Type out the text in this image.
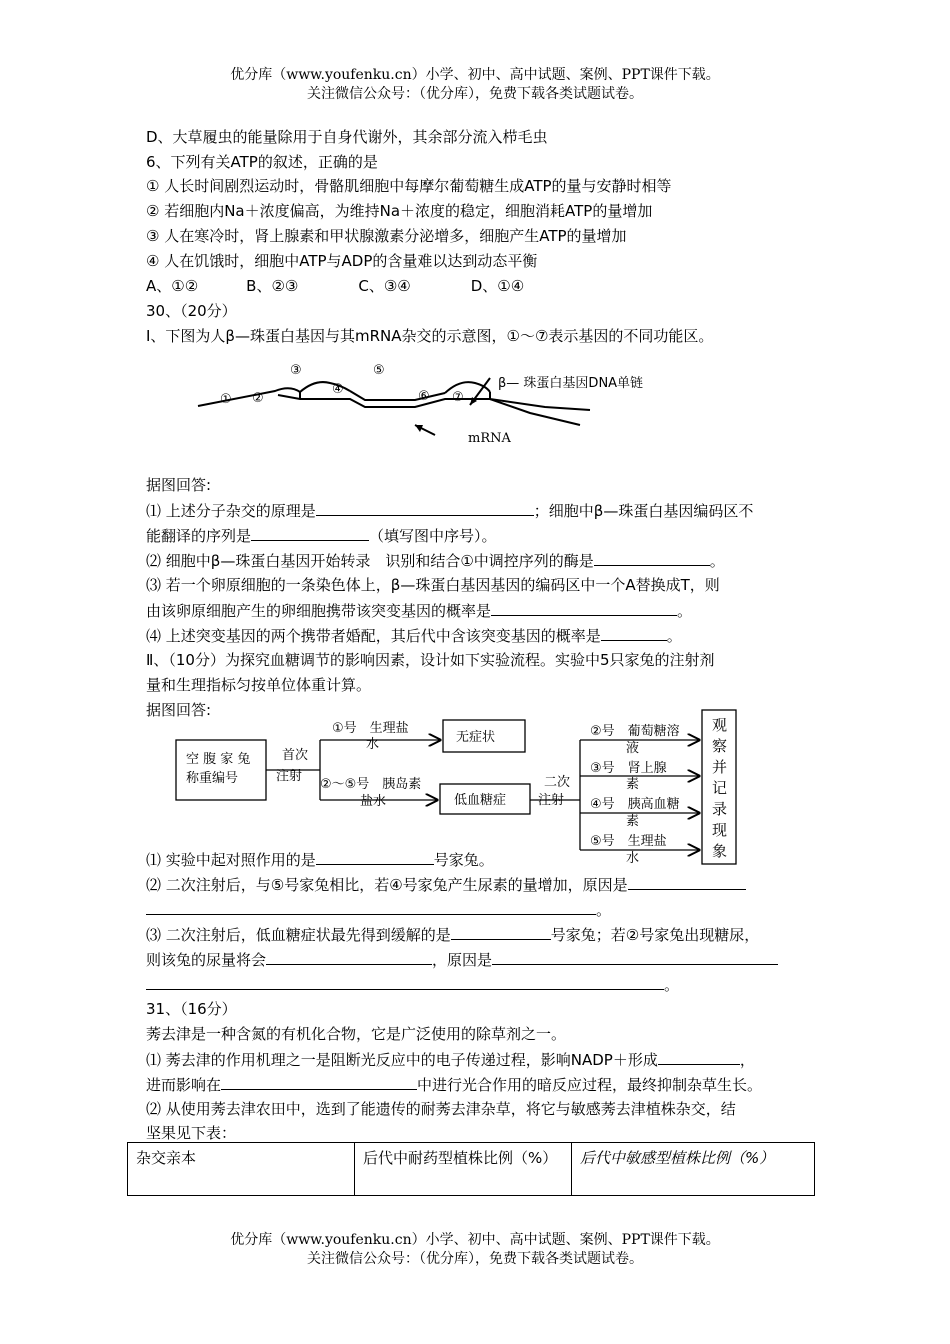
优分库（www.youfenku.cn）小学、初中、高中试题、案例、PPT课件下载。
关注微信公众号：（优分库），免费下载各类试题试卷。
D、大草履虫的能量除用于自身代谢外，其余部分流入栉毛虫
6、下列有关ATP的叙述，正确的是
① 人长时间剧烈运动时，骨骼肌细胞中每摩尔葡萄糖生成ATP的量与安静时相等
② 若细胞内Na＋浓度偏高，为维持Na＋浓度的稳定，细胞消耗ATP的量增加
③ 人在寒冷时，肾上腺素和甲状腺激素分泌增多，细胞产生ATP的量增加
④ 人在饥饿时，细胞中ATP与ADP的含量难以达到动态平衡
A、①②	B、②③	C、③④	D、①④
30、（20分）
Ⅰ、下图为人β—珠蛋白基因与其mRNA杂交的示意图，①～⑦表示基因的不同功能区。
① ②
③
④
⑤
⑥ ⑦
β— 珠蛋白基因DNA单链
mRNA
据图回答:
⑴ 上述分子杂交的原理是	；细胞中β—珠蛋白基因编码区不
能翻译的序列是	（填写图中序号）。
⑵ 细胞中β—珠蛋白基因开始转录　识别和结合①中调控序列的酶是	。
⑶ 若一个卵原细胞的一条染色体上，β—珠蛋白基因基因的编码区中一个A替换成T，则
由该卵原细胞产生的卵细胞携带该突变基因的概率是	。
⑷ 上述突变基因的两个携带者婚配，其后代中含该突变基因的概率是	。
Ⅱ、（10分）为探究血糖调节的影响因素，设计如下实验流程。实验中5只家兔的注射剂
量和生理指标匀按单位体重计算。
据图回答:
空 腹 家 兔
称重编号
首次
注射
①号　生理盐
水
②～⑤号　胰岛素
盐水
无症状
低血糖症
二次
注射
②号　葡萄糖溶
液
③号　肾上腺
素
④号　胰高血糖
素
⑤号　生理盐
水
观
察
并
记
录
现
象
⑴ 实验中起对照作用的是	号家兔。
⑵ 二次注射后，与⑤号家兔相比，若④号家兔产生尿素的量增加，原因是
。
⑶ 二次注射后，低血糖症状最先得到缓解的是	号家兔；若②号家兔出现糖尿，
则该兔的尿量将会	，原因是
。
31、（16分）
莠去津是一种含氮的有机化合物，它是广泛使用的除草剂之一。
⑴ 莠去津的作用机理之一是阻断光反应中的电子传递过程，影响NADP＋形成	，
进而影响在	中进行光合作用的暗反应过程，最终抑制杂草生长。
⑵ 从使用莠去津农田中，选到了能遗传的耐莠去津杂草，将它与敏感莠去津植株杂交，结
坚果见下表：
杂交亲本	后代中耐药型植株比例（%）	后代中敏感型植株比例（%）
优分库（www.youfenku.cn）小学、初中、高中试题、案例、PPT课件下载。
关注微信公众号：（优分库），免费下载各类试题试卷。
